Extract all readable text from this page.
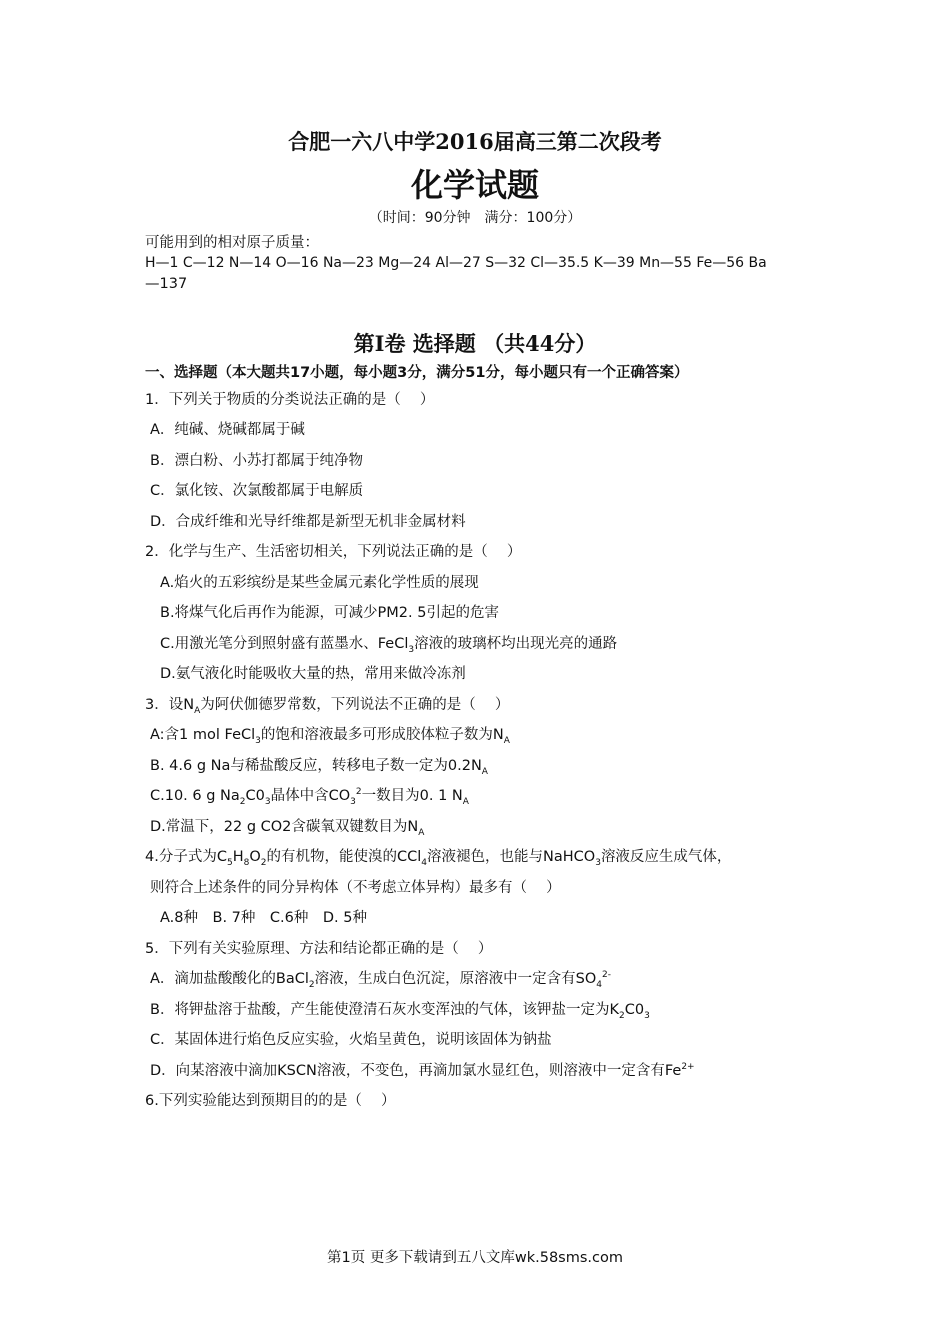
合肥一六八中学2016届高三第二次段考
化学试题
（时间：90分钟　满分：100分）
可能用到的相对原子质量：
H—1 C—12 N—14 O—16 Na—23 Mg—24 Al—27 S—32 Cl—35.5 K—39 Mn—55 Fe—56 Ba
—137
第Ⅰ卷 选择题 （共44分）
一、选择题（本大题共17小题，每小题3分，满分51分，每小题只有一个正确答案）
1．下列关于物质的分类说法正确的是（　 ）
A．纯碱、烧碱都属于碱
B．漂白粉、小苏打都属于纯净物
C．氯化铵、次氯酸都属于电解质
D．合成纤维和光导纤维都是新型无机非金属材料
2．化学与生产、生活密切相关，下列说法正确的是（　 ）
A.焰火的五彩缤纷是某些金属元素化学性质的展现
B.将煤气化后再作为能源，可减少PM2. 5引起的危害
C.用激光笔分到照射盛有蓝墨水、FeCl$_3$溶液的玻璃杯均出现光亮的通路
D.氨气液化时能吸收大量的热，常用来做冷冻剂
3．设$N_A$为阿伏伽德罗常数，下列说法不正确的是（　 ）
A:含1 mol FeCl$_3$的饱和溶液最多可形成胶体粒子数为$N_A$
B. 4.6 g Na与稀盐酸反应，转移电子数一定为$0.2N_A$
C.10. 6 g $Na_2C0_3$晶体中含$CO_3^2$一数目为0. 1 $N_A$
D.常温下，22 g CO2含碳氧双键数目为$N_A$
4.分子式为$C_5H_8O_2$的有机物，能使溴的CCl$_4$溶液褪色，也能与NaHCO$_3$溶液反应生成气体，
则符合上述条件的同分异构体（不考虑立体异构）最多有（　 ）
A.8种　B. 7种　C.6种　D. 5种
5．下列有关实验原理、方法和结论都正确的是（　 ）
A．滴加盐酸酸化的BaCl$_2$溶液，生成白色沉淀，原溶液中一定含有$SO_4^{2-}$
B．将钾盐溶于盐酸，产生能使澄清石灰水变浑浊的气体，该钾盐一定为$K_2C0_3$
C．某固体进行焰色反应实验，火焰呈黄色，说明该固体为钠盐
D．向某溶液中滴加KSCN溶液，不变色，再滴加氯水显红色，则溶液中一定含有$Fe^{2+}$
6.下列实验能达到预期目的的是（　 ）
第1页 更多下载请到五八文库wk.58sms.com
